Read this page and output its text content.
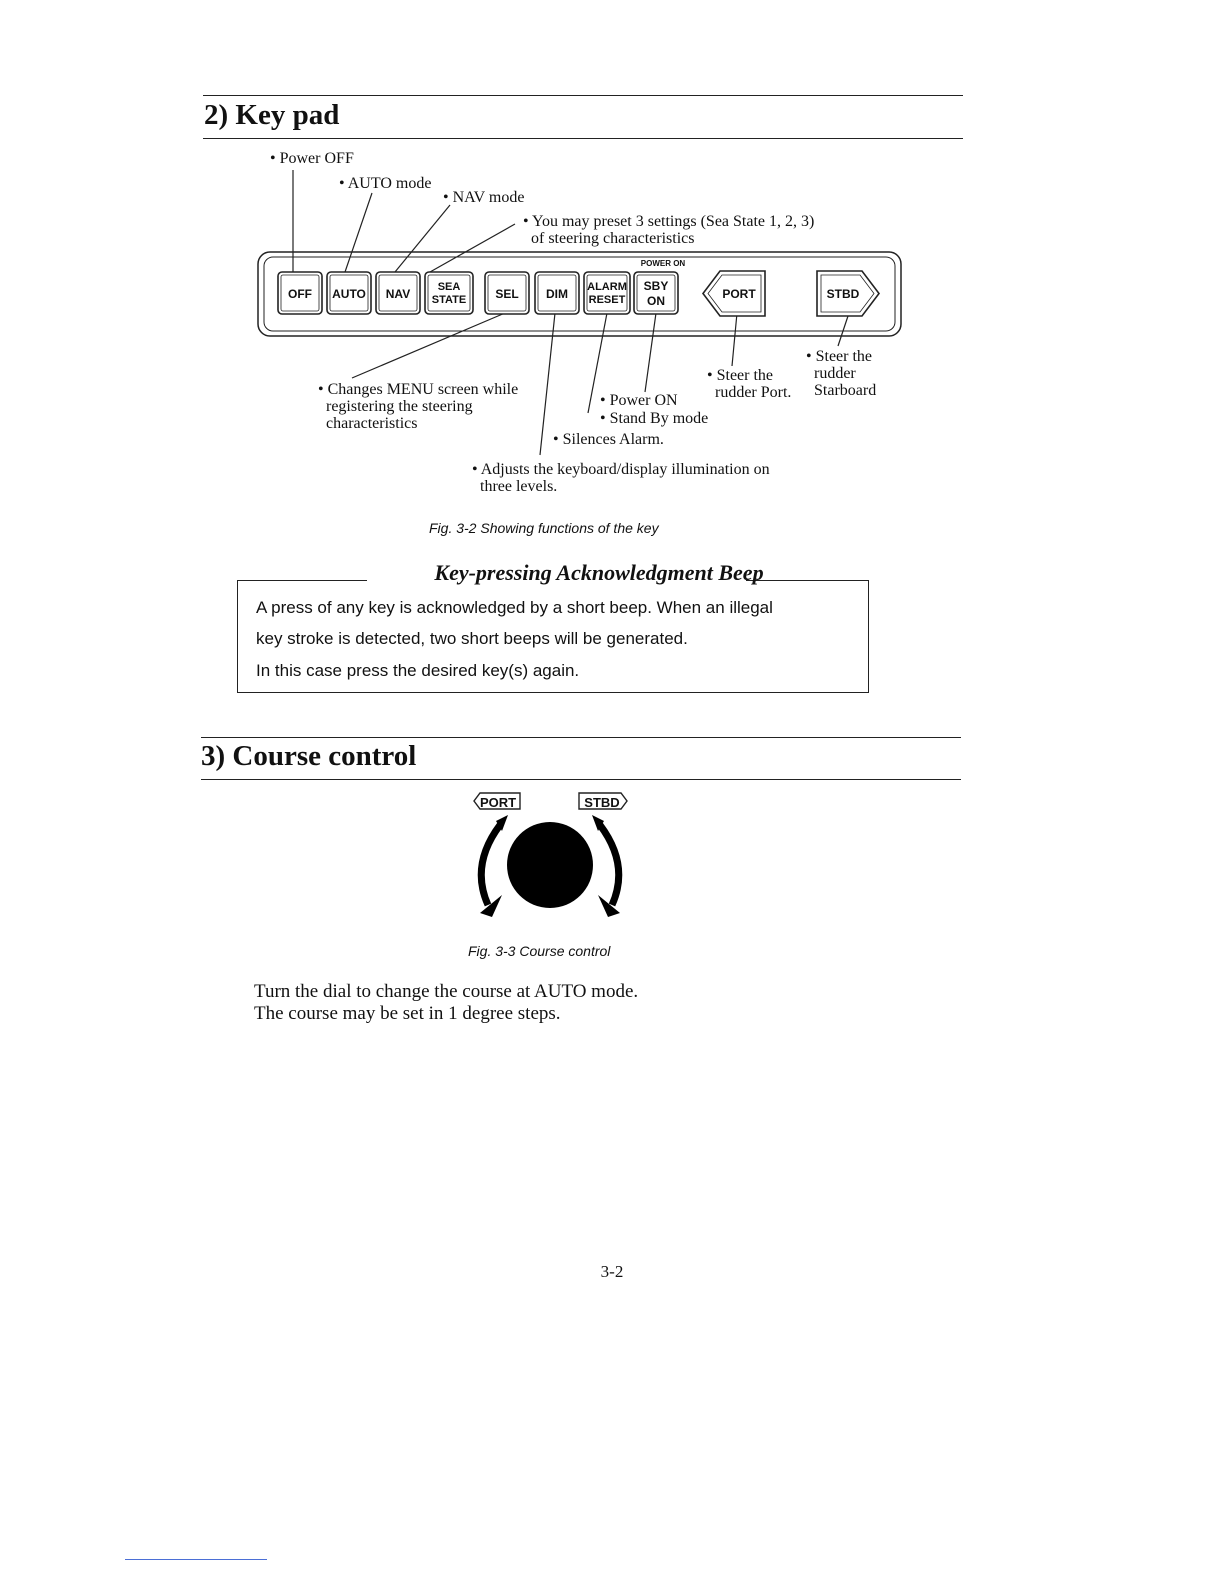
2) Key pad
• Power OFF
• AUTO mode
• NAV mode
• You may preset 3 settings (Sea State 1, 2, 3)
of steering characteristics
• Changes MENU screen while
registering the steering
characteristics
• Steer the
rudder Port.
• Steer the
rudder
Starboard
• Power ON
• Stand By mode
• Silences Alarm.
• Adjusts the keyboard/display illumination on
three levels.
OFF AUTO NAV SEA
STATE SEL DIM ALARM
RESET
SBY
ON	PORT	STBD
POWER ON
Fig. 3-2 Showing functions of the key
Key-pressing Acknowledgment Beep
A press of any key is acknowledged by a short beep. When an illegal
key stroke is detected, two short beeps will be generated.
In this case press the desired key(s) again.
3) Course control
PORT	STBD
Fig. 3-3 Course control
Turn the dial to change the course at AUTO mode.
The course may be set in 1 degree steps.
3-2
